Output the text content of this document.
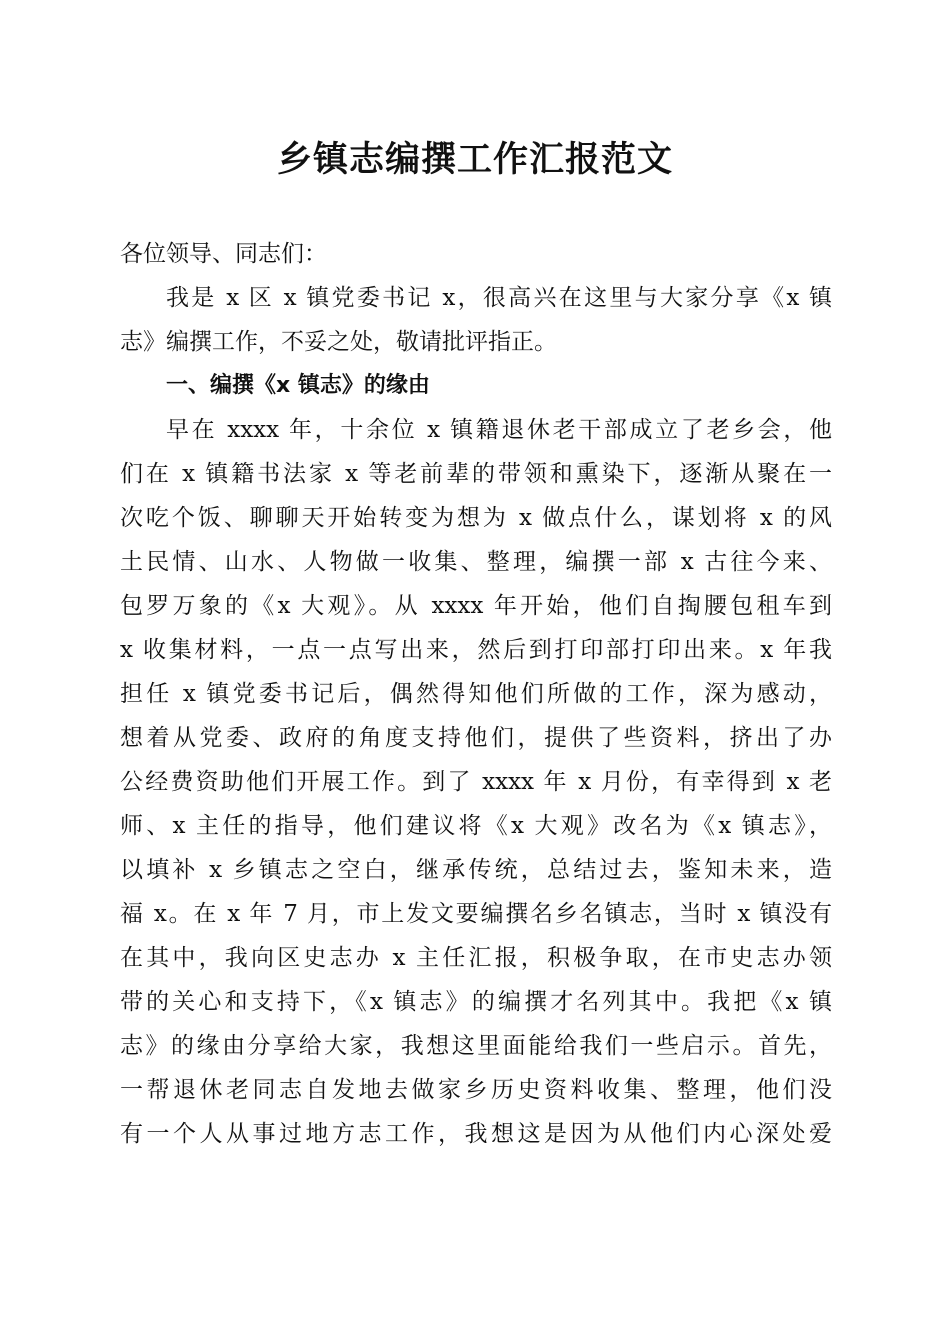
乡镇志编撰工作汇报范文

各位领导、同志们：

我是 x 区 x 镇党委书记 x，很高兴在这里与大家分享《x 镇

志》编撰工作，不妥之处，敬请批评指正。

一、编撰《x 镇志》的缘由

早在 xxxx 年，十余位 x 镇籍退休老干部成立了老乡会，他

们在 x 镇籍书法家 x 等老前辈的带领和熏染下，逐渐从聚在一

次吃个饭、聊聊天开始转变为想为 x 做点什么，谋划将 x 的风

土民情、山水、人物做一收集、整理，编撰一部 x 古往今来、

包罗万象的《x 大观》。从 xxxx 年开始，他们自掏腰包租车到

x 收集材料，一点一点写出来，然后到打印部打印出来。x 年我

担任 x 镇党委书记后，偶然得知他们所做的工作，深为感动，

想着从党委、政府的角度支持他们，提供了些资料，挤出了办

公经费资助他们开展工作。到了 xxxx 年 x 月份，有幸得到 x 老

师、x 主任的指导，他们建议将《x 大观》改名为《x 镇志》，

以填补 x 乡镇志之空白，继承传统，总结过去，鉴知未来，造

福 x。在 x 年 7 月，市上发文要编撰名乡名镇志，当时 x 镇没有

在其中，我向区史志办 x 主任汇报，积极争取，在市史志办领

带的关心和支持下，《x 镇志》的编撰才名列其中。我把《x 镇

志》的缘由分享给大家，我想这里面能给我们一些启示。首先，

一帮退休老同志自发地去做家乡历史资料收集、整理，他们没

有一个人从事过地方志工作，我想这是因为从他们内心深处爱
